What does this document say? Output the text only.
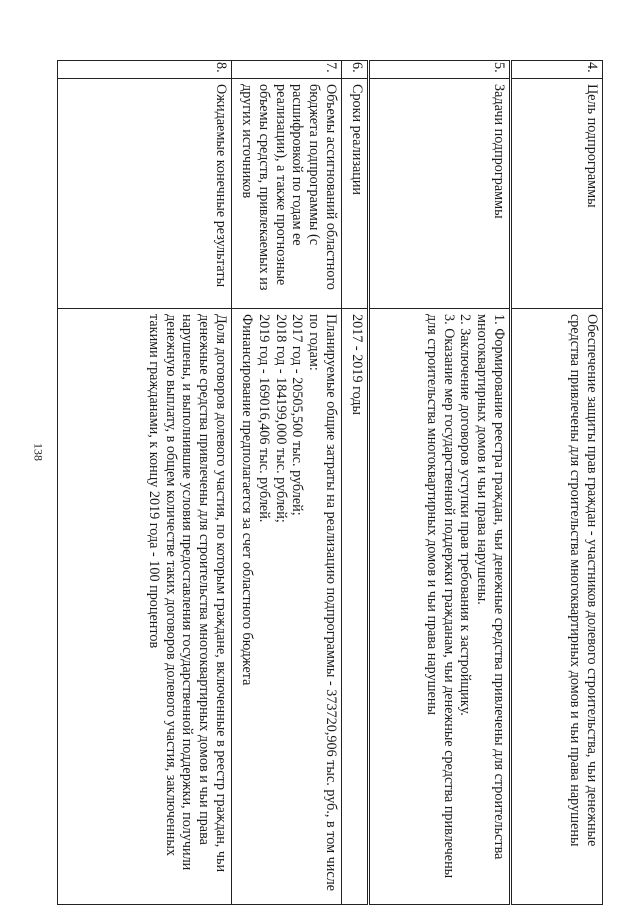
138
4.	Цель подпрограммы	Обеспечение защиты прав граждан - участников долевого строительства, чьи денежные средства привлечены для строительства многоквартирных домов и чьи права нарушены

5.	Задачи подпрограммы	1. Формирование реестра граждан, чьи денежные средства привлечены для строительства многоквартирных домов и чьи права нарушены.
2. Заключение договоров уступки прав требования к застройщику.
3. Оказание мер государственной поддержки гражданам, чьи денежные средства привлечены для строительства многоквартирных домов и чьи права нарушены

6.	Сроки реализации	2017 - 2019 годы

7.	Объемы ассигнований областного бюджета подпрограммы (с расшифровкой по годам ее реализации), а также прогнозные объемы средств, привлекаемых из других источников	Планируемые общие затраты на реализацию подпрограммы - 373720,906 тыс. руб., в том числе по годам:
2017 год - 20505,500 тыс. рублей;
2018 год - 184199,000 тыс. рублей;
2019 год - 169016,406 тыс. рублей.
Финансирование предполагается за счет областного бюджета

8.	Ожидаемые конечные результаты	Доля договоров долевого участия, по которым граждане, включенные в реестр граждан, чьи денежные средства привлечены для строительства многоквартирных домов и чьи права нарушены, и выполнившие условия предоставления государственной поддержки, получили денежную выплату, в общем количестве таких договоров долевого участия, заключенных такими гражданами, к концу 2019 года - 100 процентов
